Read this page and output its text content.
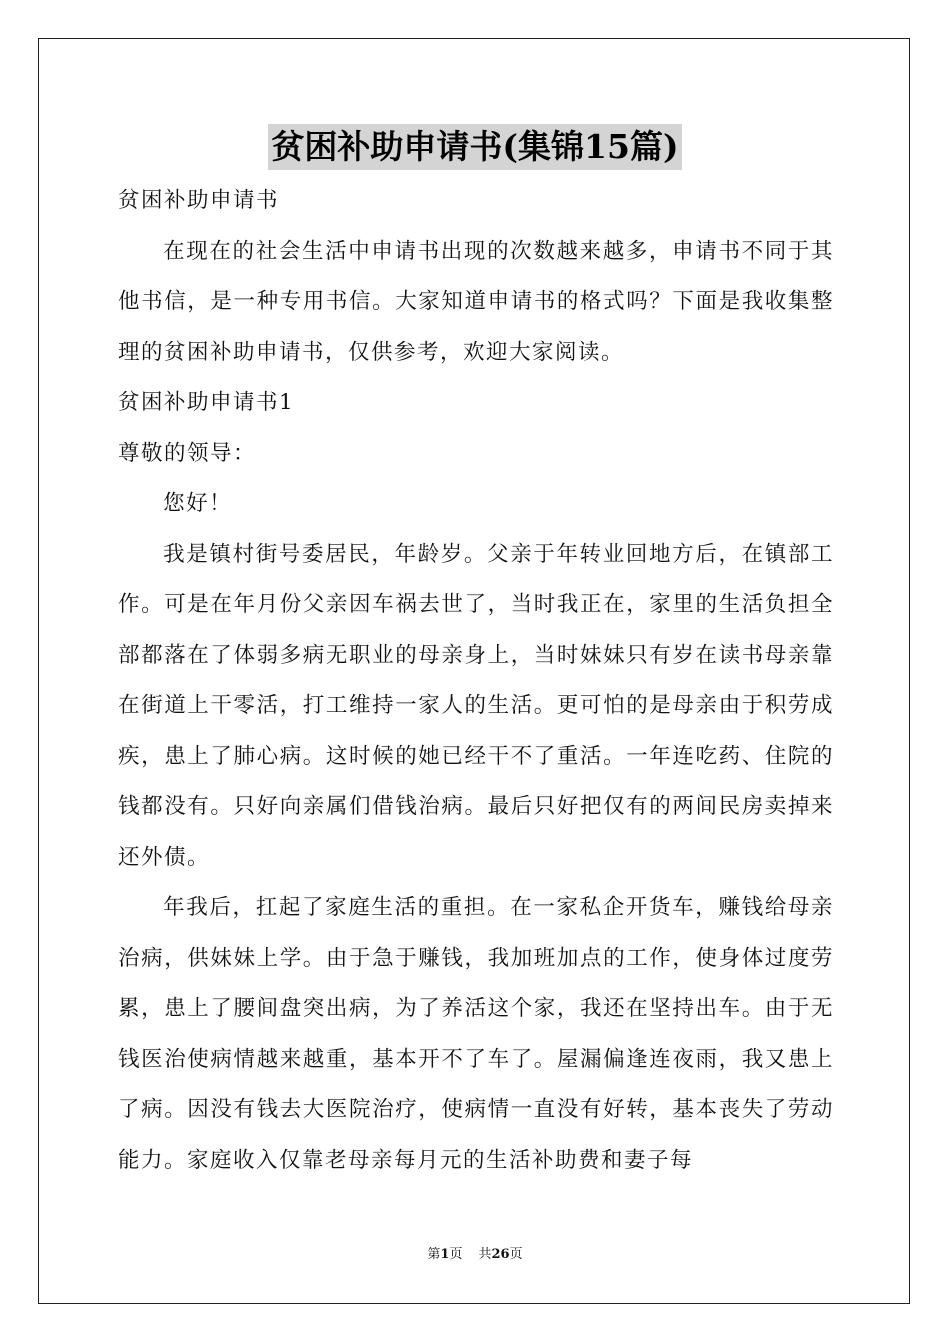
贫困补助申请书(集锦15篇)

贫困补助申请书

在现在的社会生活中申请书出现的次数越来越多，申请书不同于其他书信，是一种专用书信。大家知道申请书的格式吗？下面是我收集整理的贫困补助申请书，仅供参考，欢迎大家阅读。

贫困补助申请书1

尊敬的领导：

您好！

我是镇村街号委居民，年龄岁。父亲于年转业回地方后，在镇部工作。可是在年月份父亲因车祸去世了，当时我正在，家里的生活负担全部都落在了体弱多病无职业的母亲身上，当时妹妹只有岁在读书母亲靠在街道上干零活，打工维持一家人的生活。更可怕的是母亲由于积劳成疾，患上了肺心病。这时候的她已经干不了重活。一年连吃药、住院的钱都没有。只好向亲属们借钱治病。最后只好把仅有的两间民房卖掉来还外债。

年我后，扛起了家庭生活的重担。在一家私企开货车，赚钱给母亲治病，供妹妹上学。由于急于赚钱，我加班加点的工作，使身体过度劳累，患上了腰间盘突出病，为了养活这个家，我还在坚持出车。由于无钱医治使病情越来越重，基本开不了车了。屋漏偏逢连夜雨，我又患上了病。因没有钱去大医院治疗，使病情一直没有好转，基本丧失了劳动能力。家庭收入仅靠老母亲每月元的生活补助费和妻子每

第1页 共26页
